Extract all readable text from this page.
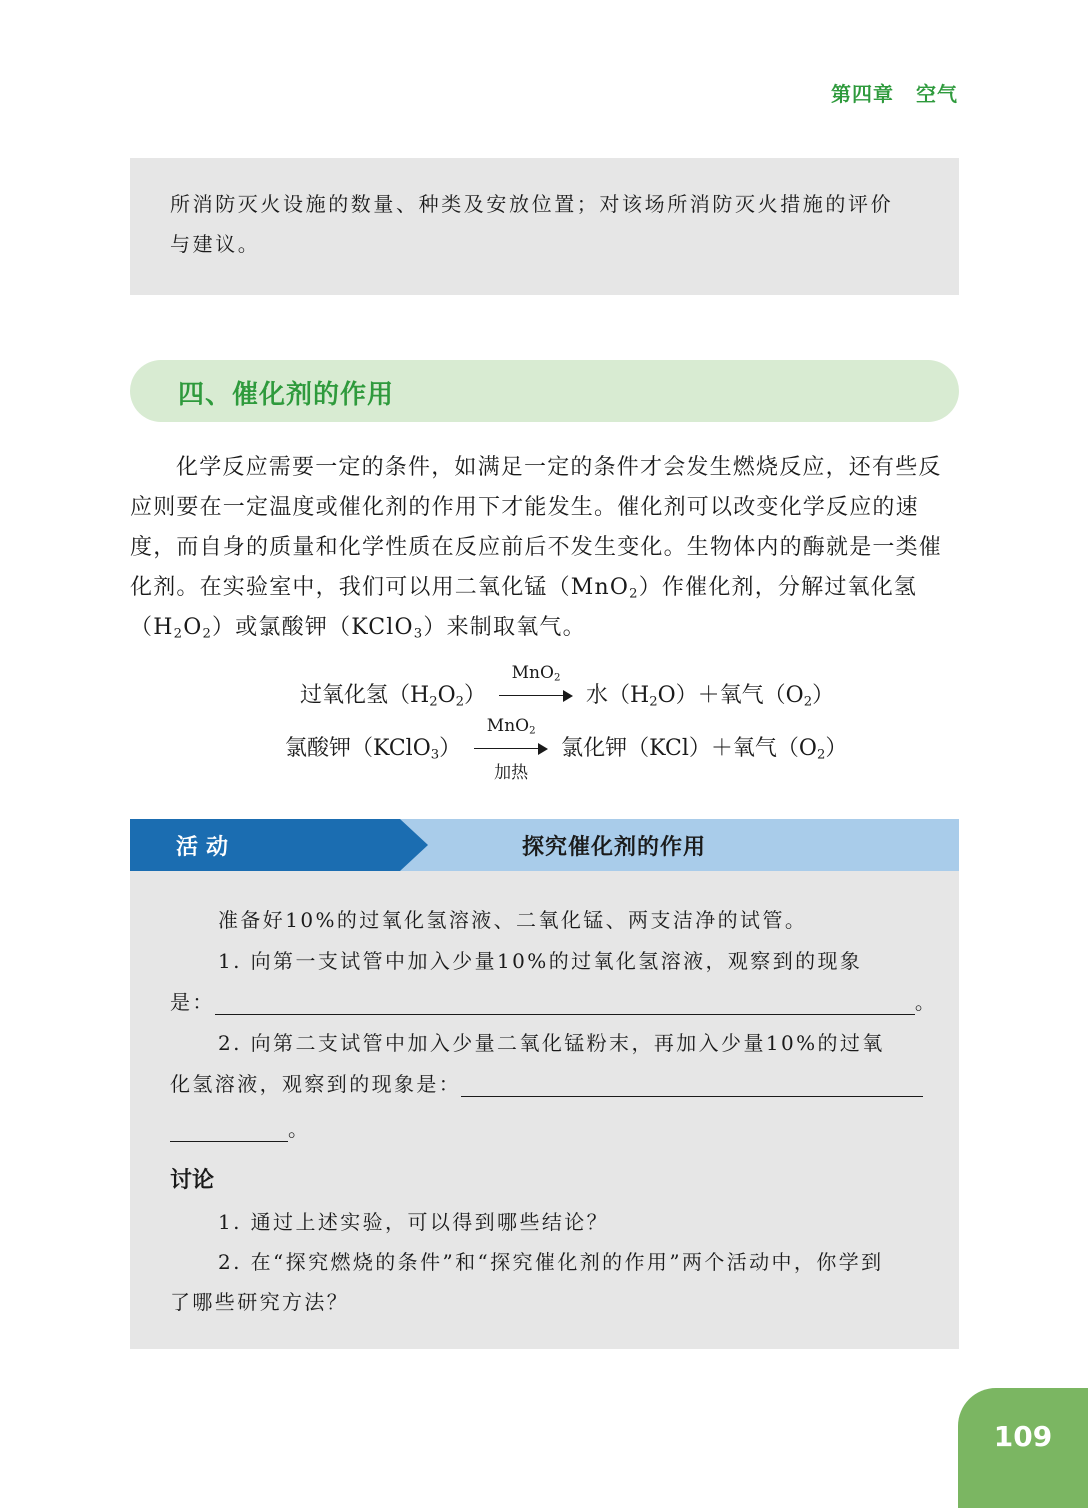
第四章 空气
所消防灭火设施的数量、种类及安放位置；对该场所消防灭火措施的评价
与建议。
四、催化剂的作用
化学反应需要一定的条件，如满足一定的条件才会发生燃烧反应，还有些反
应则要在一定温度或催化剂的作用下才能发生。催化剂可以改变化学反应的速
度，而自身的质量和化学性质在反应前后不发生变化。生物体内的酶就是一类催
化剂。在实验室中，我们可以用二氧化锰（MnO$_2$）作催化剂，分解过氧化氢
$(H_2O_2)$或氯酸钾（KClO$_3$）来制取氧气。
过氧化氢$(H_2O_2)$
MnO$_2$
水$(H_2O)+$氧气$(O_2)$
氯酸钾（KClO$_3$）
MnO$_2$
加热
氯化钾（KCl）＋氧气$(O_2)$
活动	探究催化剂的作用
准备好10%的过氧化氢溶液、二氧化锰、两支洁净的试管。
1. 向第一支试管中加入少量10%的过氧化氢溶液，观察到的现象
是：	。
2. 向第二支试管中加入少量二氧化锰粉末，再加入少量10%的过氧
化氢溶液，观察到的现象是：
。
讨论
1. 通过上述实验，可以得到哪些结论？
2. 在“探究燃烧的条件”和“探究催化剂的作用”两个活动中，你学到
了哪些研究方法？
109
